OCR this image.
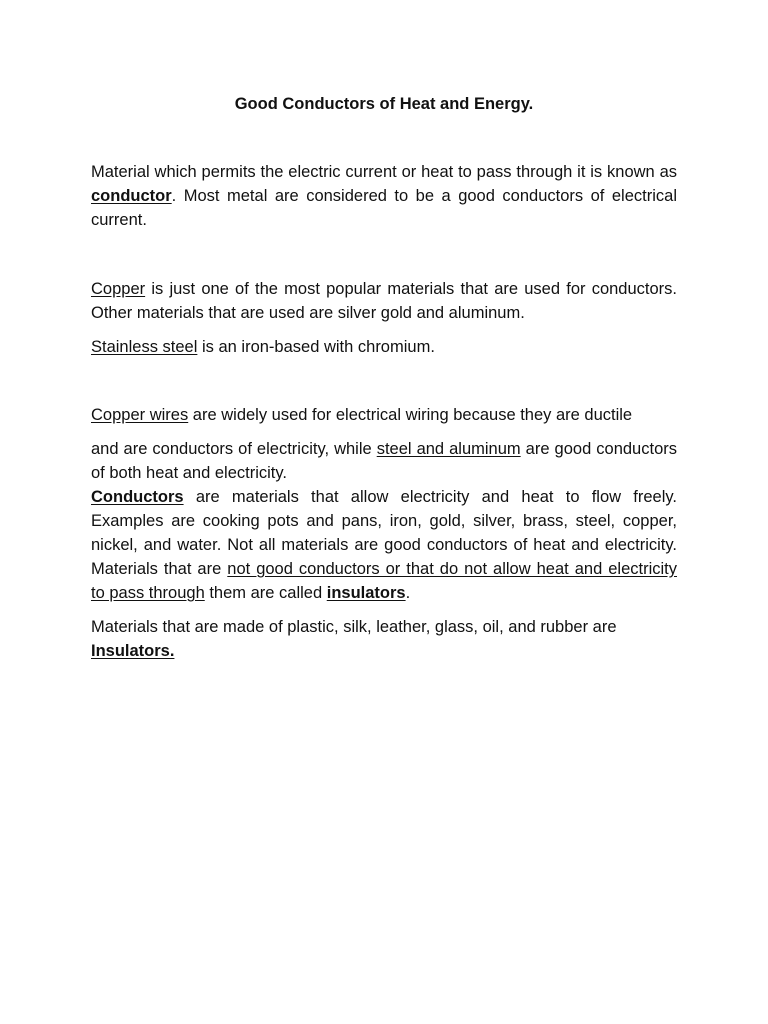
Good Conductors of Heat and Energy.

Material which permits the electric current or heat to pass through it is known as conductor. Most metal are considered to be a good conductors of electrical current.

Copper is just one of the most popular materials that are used for conductors. Other materials that are used are silver gold and aluminum.

Stainless steel is an iron-based with chromium.

Copper wires are widely used for electrical wiring because they are ductile

and are conductors of electricity, while steel and aluminum are good conductors of both heat and electricity.
Conductors are materials that allow electricity and heat to flow freely. Examples are cooking pots and pans, iron, gold, silver, brass, steel, copper, nickel, and water. Not all materials are good conductors of heat and electricity. Materials that are not good conductors or that do not allow heat and electricity to pass through them are called insulators.

Materials that are made of plastic, silk, leather, glass, oil, and rubber are
Insulators.
